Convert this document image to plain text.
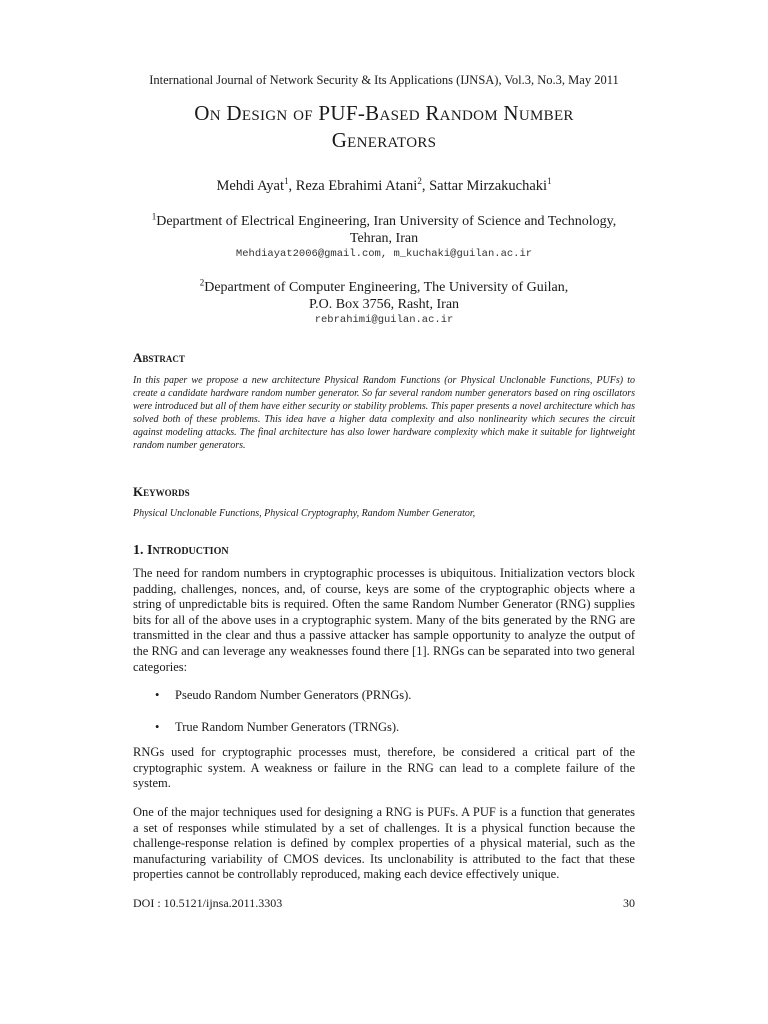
International Journal of Network Security & Its Applications (IJNSA), Vol.3, No.3, May 2011
On Design of PUF-Based Random Number
Generators
Mehdi Ayat$^1$, Reza Ebrahimi Atani$^2$, Sattar Mirzakuchaki$^1$
$^1$Department of Electrical Engineering, Iran University of Science and Technology,
Tehran, Iran
Mehdiayat2006@gmail.com, m_kuchaki@guilan.ac.ir
$^2$Department of Computer Engineering, The University of Guilan,
P.O. Box 3756, Rasht, Iran
rebrahimi@guilan.ac.ir
Abstract
In this paper we propose a new architecture Physical Random Functions (or Physical Unclonable Functions, PUFs) to create a candidate hardware random number generator. So far several random number generators based on ring oscillators were introduced but all of them have either security or stability problems. This paper presents a novel architecture which has solved both of these problems. This idea have a higher data complexity and also nonlinearity which secures the circuit against modeling attacks. The final architecture has also lower hardware complexity which make it suitable for lightweight random number generators.
Keywords
Physical Unclonable Functions, Physical Cryptography, Random Number Generator,
1. Introduction
The need for random numbers in cryptographic processes is ubiquitous. Initialization vectors block padding, challenges, nonces, and, of course, keys are some of the cryptographic objects where a string of unpredictable bits is required. Often the same Random Number Generator (RNG) supplies bits for all of the above uses in a cryptographic system. Many of the bits generated by the RNG are transmitted in the clear and thus a passive attacker has sample opportunity to analyze the output of the RNG and can leverage any weaknesses found there [1]. RNGs can be separated into two general categories:
• Pseudo Random Number Generators (PRNGs).
• True Random Number Generators (TRNGs).
RNGs used for cryptographic processes must, therefore, be considered a critical part of the cryptographic system. A weakness or failure in the RNG can lead to a complete failure of the system.
One of the major techniques used for designing a RNG is PUFs. A PUF is a function that generates a set of responses while stimulated by a set of challenges. It is a physical function because the challenge-response relation is defined by complex properties of a physical material, such as the manufacturing variability of CMOS devices. Its unclonability is attributed to the fact that these properties cannot be controllably reproduced, making each device effectively unique.
DOI : 10.5121/ijnsa.2011.3303	30
